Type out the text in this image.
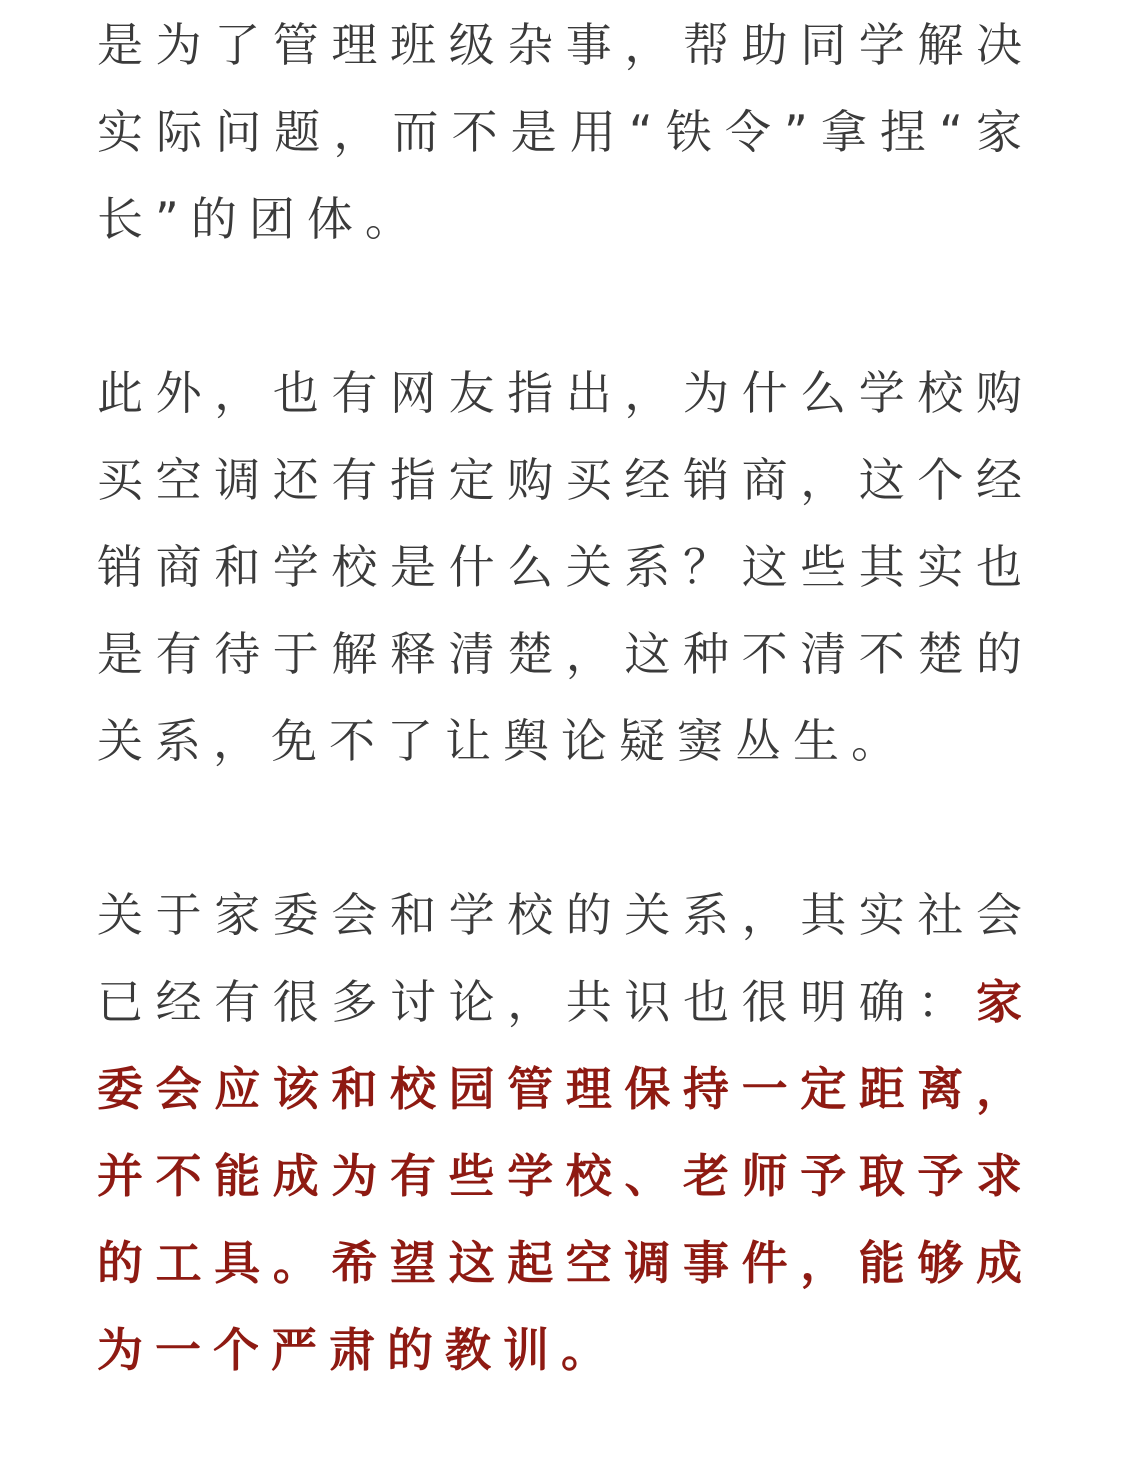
是为了管理班级杂事，帮助同学解决
实际问题，而不是用“铁令”拿捏“家
长”的团体。

此外，也有网友指出，为什么学校购
买空调还有指定购买经销商，这个经
销商和学校是什么关系？这些其实也
是有待于解释清楚，这种不清不楚的
关系，免不了让舆论疑窦丛生。

关于家委会和学校的关系，其实社会
已经有很多讨论，共识也很明确：家
委会应该和校园管理保持一定距离，
并不能成为有些学校、老师予取予求
的工具。希望这起空调事件，能够成
为一个严肃的教训。
